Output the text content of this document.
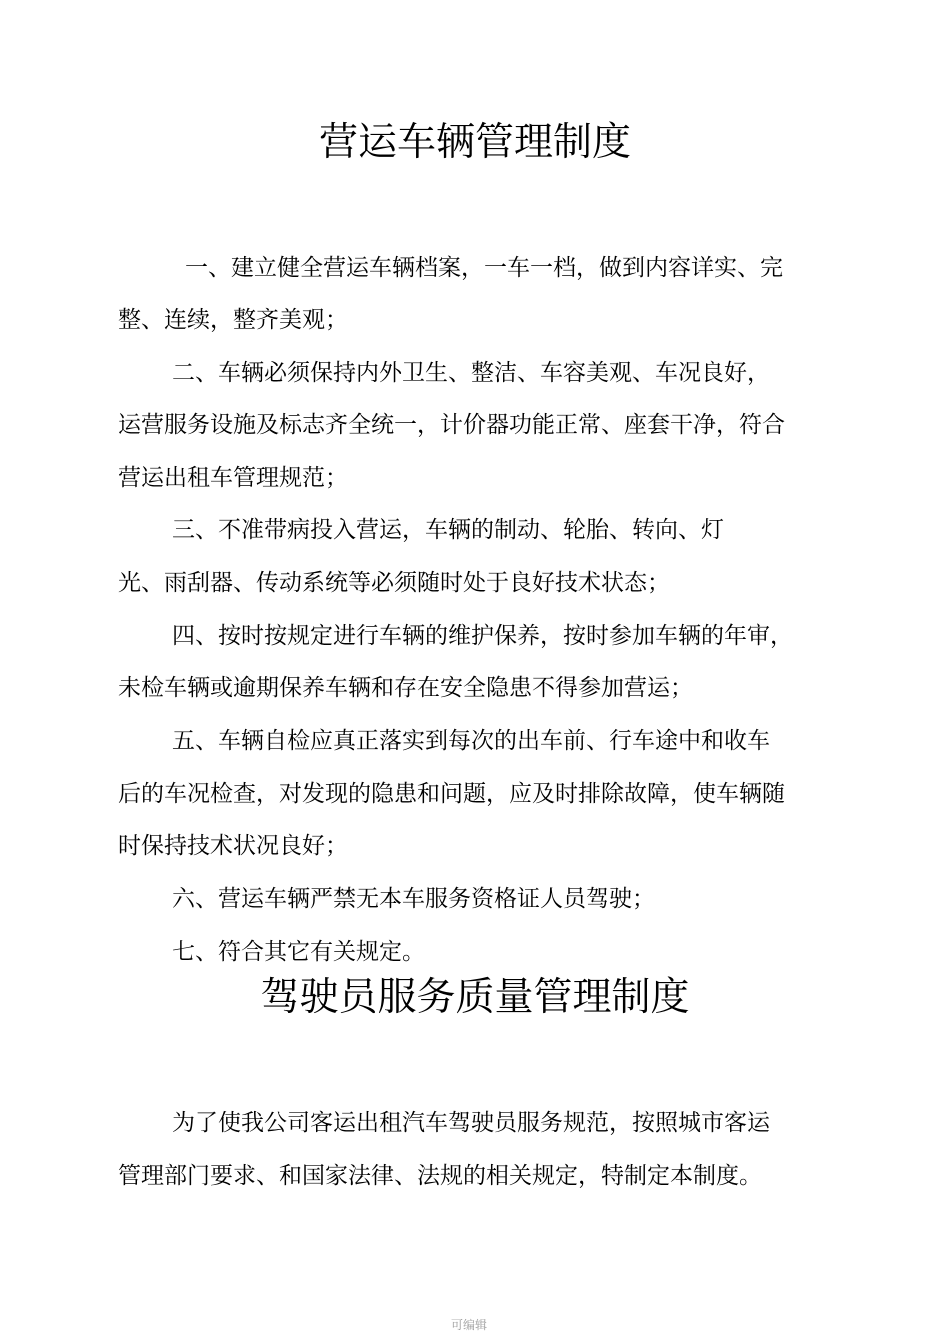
营运车辆管理制度

一、建立健全营运车辆档案，一车一档，做到内容详实、完

整、连续，整齐美观；

二、车辆必须保持内外卫生、整洁、车容美观、车况良好，

运营服务设施及标志齐全统一，计价器功能正常、座套干净，符合

营运出租车管理规范；

三、不准带病投入营运，车辆的制动、轮胎、转向、灯

光、雨刮器、传动系统等必须随时处于良好技术状态；

四、按时按规定进行车辆的维护保养，按时参加车辆的年审，

未检车辆或逾期保养车辆和存在安全隐患不得参加营运；

五、车辆自检应真正落实到每次的出车前、行车途中和收车

后的车况检查，对发现的隐患和问题，应及时排除故障，使车辆随

时保持技术状况良好；

六、营运车辆严禁无本车服务资格证人员驾驶；

七、符合其它有关规定。

驾驶员服务质量管理制度

为了使我公司客运出租汽车驾驶员服务规范，按照城市客运

管理部门要求、和国家法律、法规的相关规定，特制定本制度。

可编辑
